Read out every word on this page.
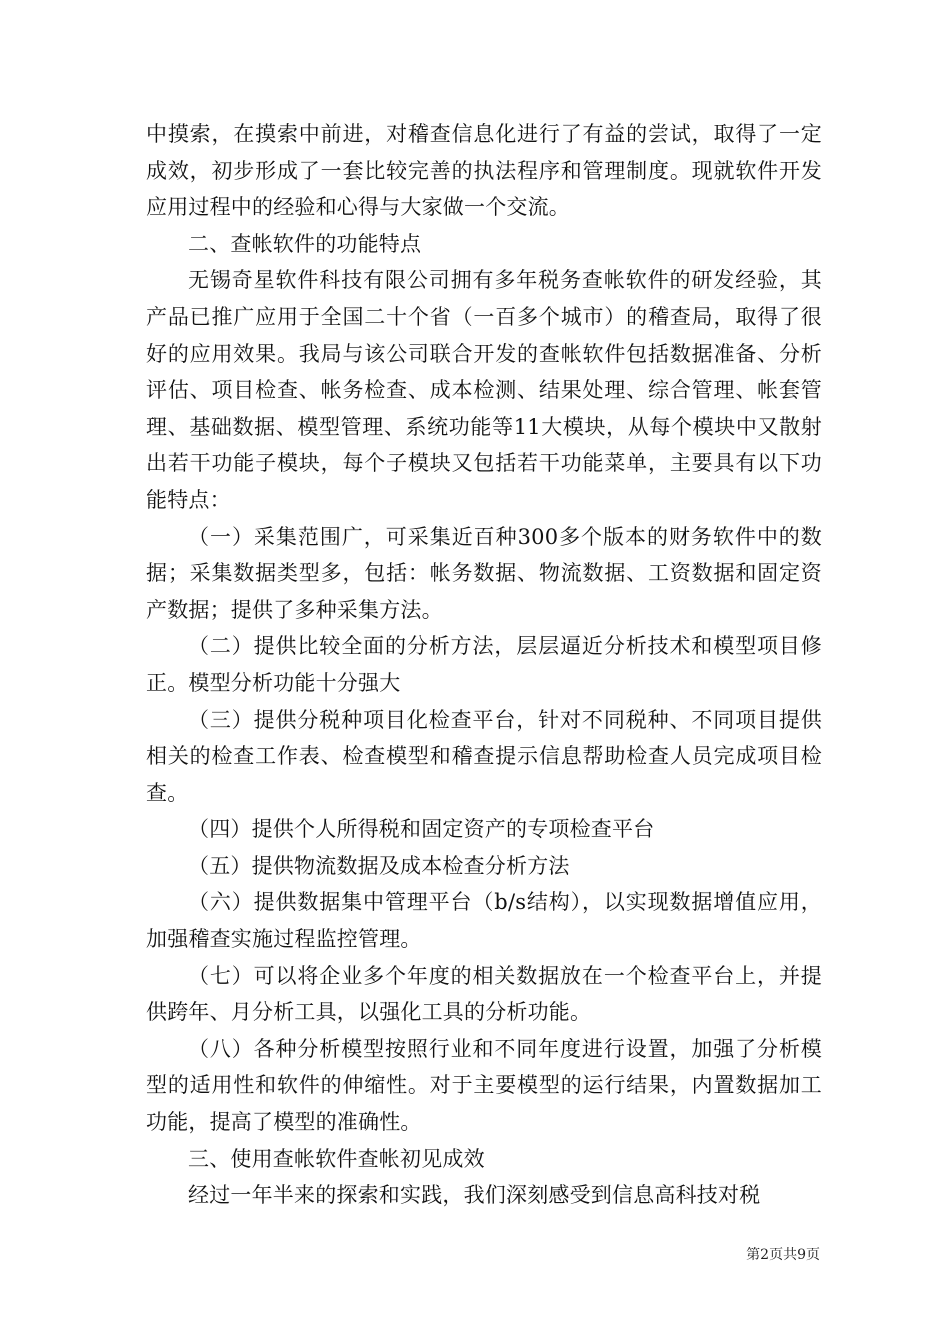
中摸索，在摸索中前进，对稽查信息化进行了有益的尝试，取得了一定成效，初步形成了一套比较完善的执法程序和管理制度。现就软件开发应用过程中的经验和心得与大家做一个交流。

二、查帐软件的功能特点

无锡奇星软件科技有限公司拥有多年税务查帐软件的研发经验，其产品已推广应用于全国二十个省（一百多个城市）的稽查局，取得了很好的应用效果。我局与该公司联合开发的查帐软件包括数据准备、分析评估、项目检查、帐务检查、成本检测、结果处理、综合管理、帐套管理、基础数据、模型管理、系统功能等11大模块，从每个模块中又散射出若干功能子模块，每个子模块又包括若干功能菜单，主要具有以下功能特点：

（一）采集范围广，可采集近百种300多个版本的财务软件中的数据；采集数据类型多，包括：帐务数据、物流数据、工资数据和固定资产数据；提供了多种采集方法。

（二）提供比较全面的分析方法，层层逼近分析技术和模型项目修正。模型分析功能十分强大

（三）提供分税种项目化检查平台，针对不同税种、不同项目提供相关的检查工作表、检查模型和稽查提示信息帮助检查人员完成项目检查。

（四）提供个人所得税和固定资产的专项检查平台

（五）提供物流数据及成本检查分析方法

（六）提供数据集中管理平台（b/s结构），以实现数据增值应用，加强稽查实施过程监控管理。

（七）可以将企业多个年度的相关数据放在一个检查平台上，并提供跨年、月分析工具，以强化工具的分析功能。

（八）各种分析模型按照行业和不同年度进行设置，加强了分析模型的适用性和软件的伸缩性。对于主要模型的运行结果，内置数据加工功能，提高了模型的准确性。

三、使用查帐软件查帐初见成效

经过一年半来的探索和实践，我们深刻感受到信息高科技对税

第2页共9页
